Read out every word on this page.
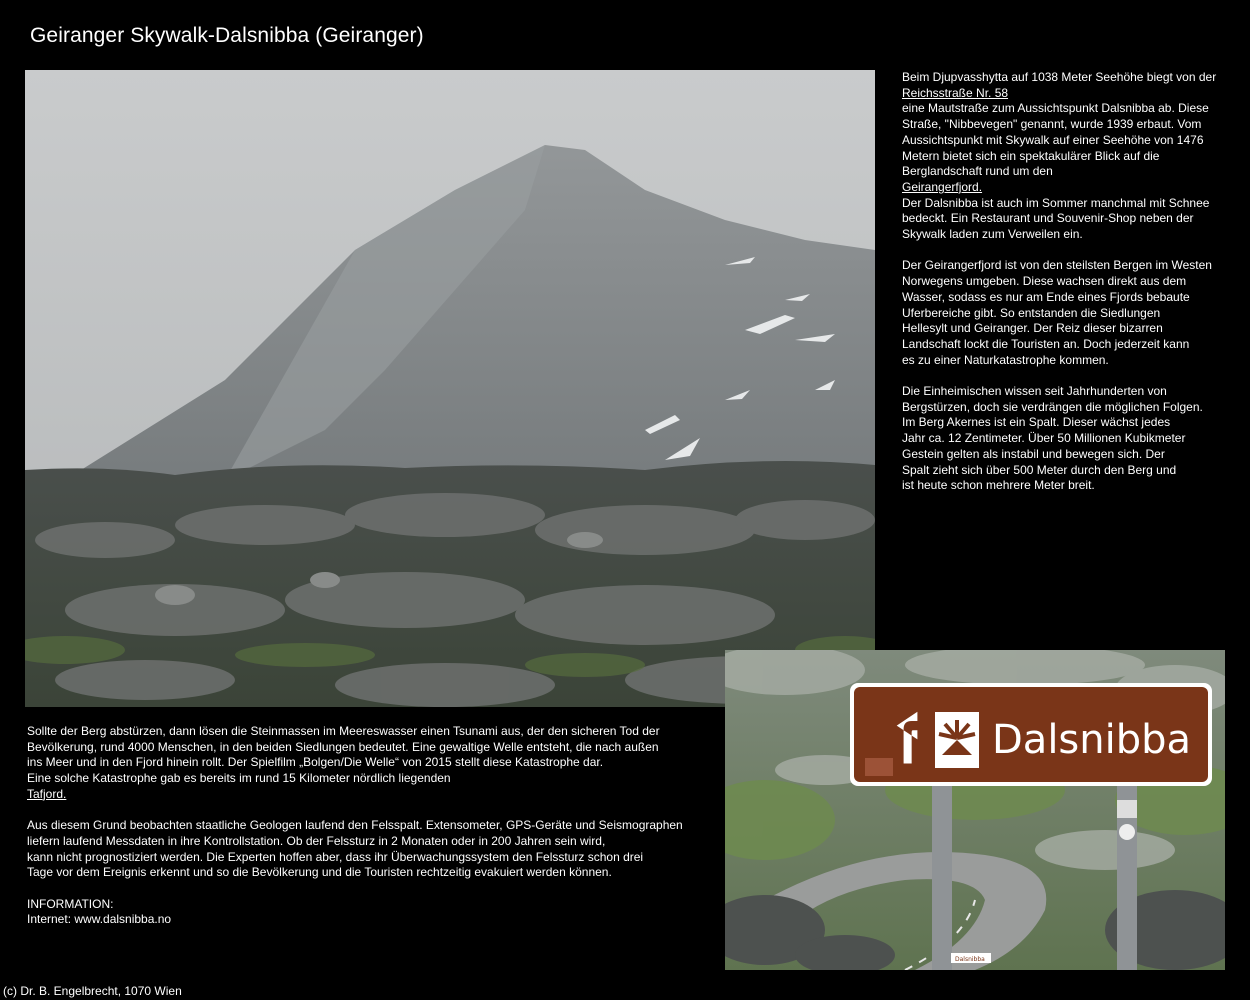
Geiranger Skywalk-Dalsnibba (Geiranger)
Beim Djupvasshytta auf 1038 Meter Seehöhe biegt von der
Reichsstraße Nr. 58
eine Mautstraße zum Aussichtspunkt Dalsnibba ab. Diese
Straße, "Nibbevegen" genannt, wurde 1939 erbaut. Vom
Aussichtspunkt mit Skywalk auf einer Seehöhe von 1476
Metern bietet sich ein spektakulärer Blick auf die
Berglandschaft rund um den
Geirangerfjord.
Der Dalsnibba ist auch im Sommer manchmal mit Schnee
bedeckt. Ein Restaurant und Souvenir-Shop neben der
Skywalk laden zum Verweilen ein.
Der Geirangerfjord ist von den steilsten Bergen im Westen
Norwegens umgeben. Diese wachsen direkt aus dem
Wasser, sodass es nur am Ende eines Fjords bebaute
Uferbereiche gibt. So entstanden die Siedlungen
Hellesylt und Geiranger. Der Reiz dieser bizarren
Landschaft lockt die Touristen an. Doch jederzeit kann
es zu einer Naturkatastrophe kommen.
Die Einheimischen wissen seit Jahrhunderten von
Bergstürzen, doch sie verdrängen die möglichen Folgen.
Im Berg Akernes ist ein Spalt. Dieser wächst jedes
Jahr ca. 12 Zentimeter. Über 50 Millionen Kubikmeter
Gestein gelten als instabil und bewegen sich. Der
Spalt zieht sich über 500 Meter durch den Berg und
ist heute schon mehrere Meter breit.
Sollte der Berg abstürzen, dann lösen die Steinmassen im Meereswasser einen Tsunami aus, der den sicheren Tod der
Bevölkerung, rund 4000 Menschen, in den beiden Siedlungen bedeutet. Eine gewaltige Welle entsteht, die nach außen
ins Meer und in den Fjord hinein rollt. Der Spielfilm „Bolgen/Die Welle“ von 2015 stellt diese Katastrophe dar.
Eine solche Katastrophe gab es bereits im rund 15 Kilometer nördlich liegenden
Tafjord.
Aus diesem Grund beobachten staatliche Geologen laufend den Felsspalt. Extensometer, GPS-Geräte und Seismographen
liefern laufend Messdaten in ihre Kontrollstation. Ob der Felssturz in 2 Monaten oder in 200 Jahren sein wird,
kann nicht prognostiziert werden. Die Experten hoffen aber, dass ihr Überwachungssystem den Felssturz schon drei
Tage vor dem Ereignis erkennt und so die Bevölkerung und die Touristen rechtzeitig evakuiert werden können.
INFORMATION:
Internet: www.dalsnibba.no
Dalsnibba
Dalsnibba
(c) Dr. B. Engelbrecht, 1070 Wien
